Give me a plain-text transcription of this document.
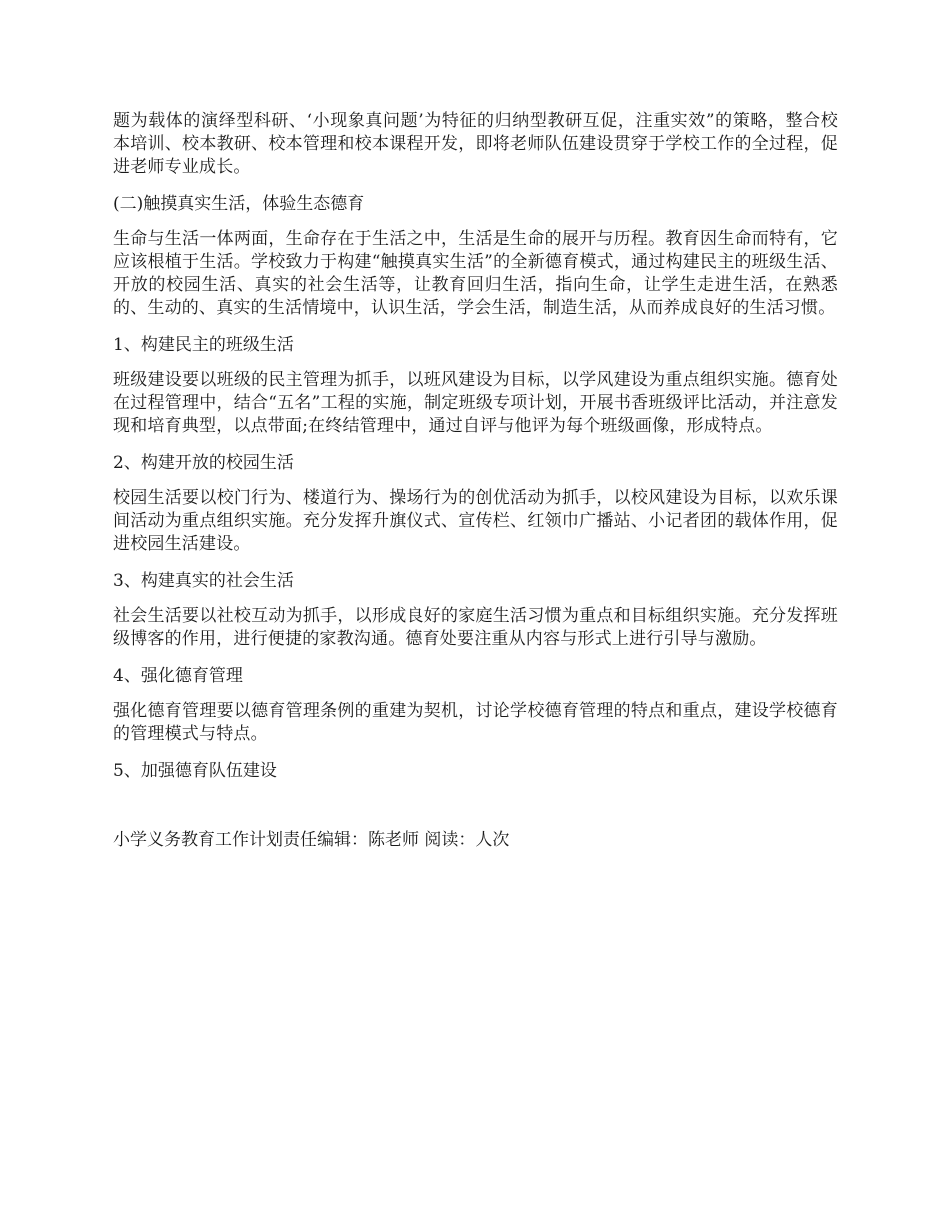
题为载体的演绎型科研、‘小现象真问题’为特征的归纳型教研互促，注重实效”的策略，整合校本培训、校本教研、校本管理和校本课程开发，即将老师队伍建设贯穿于学校工作的全过程，促进老师专业成长。

(二)触摸真实生活，体验生态德育

生命与生活一体两面，生命存在于生活之中，生活是生命的展开与历程。教育因生命而特有，它应该根植于生活。学校致力于构建“触摸真实生活”的全新德育模式，通过构建民主的班级生活、开放的校园生活、真实的社会生活等，让教育回归生活，指向生命，让学生走进生活，在熟悉的、生动的、真实的生活情境中，认识生活，学会生活，制造生活，从而养成良好的生活习惯。

1、构建民主的班级生活

班级建设要以班级的民主管理为抓手，以班风建设为目标，以学风建设为重点组织实施。德育处在过程管理中，结合“五名”工程的实施，制定班级专项计划，开展书香班级评比活动，并注意发现和培育典型，以点带面;在终结管理中，通过自评与他评为每个班级画像，形成特点。

2、构建开放的校园生活

校园生活要以校门行为、楼道行为、操场行为的创优活动为抓手，以校风建设为目标，以欢乐课间活动为重点组织实施。充分发挥升旗仪式、宣传栏、红领巾广播站、小记者团的载体作用，促进校园生活建设。

3、构建真实的社会生活

社会生活要以社校互动为抓手，以形成良好的家庭生活习惯为重点和目标组织实施。充分发挥班级博客的作用，进行便捷的家教沟通。德育处要注重从内容与形式上进行引导与激励。

4、强化德育管理

强化德育管理要以德育管理条例的重建为契机，讨论学校德育管理的特点和重点，建设学校德育的管理模式与特点。

5、加强德育队伍建设

小学义务教育工作计划责任编辑：陈老师 阅读：人次
